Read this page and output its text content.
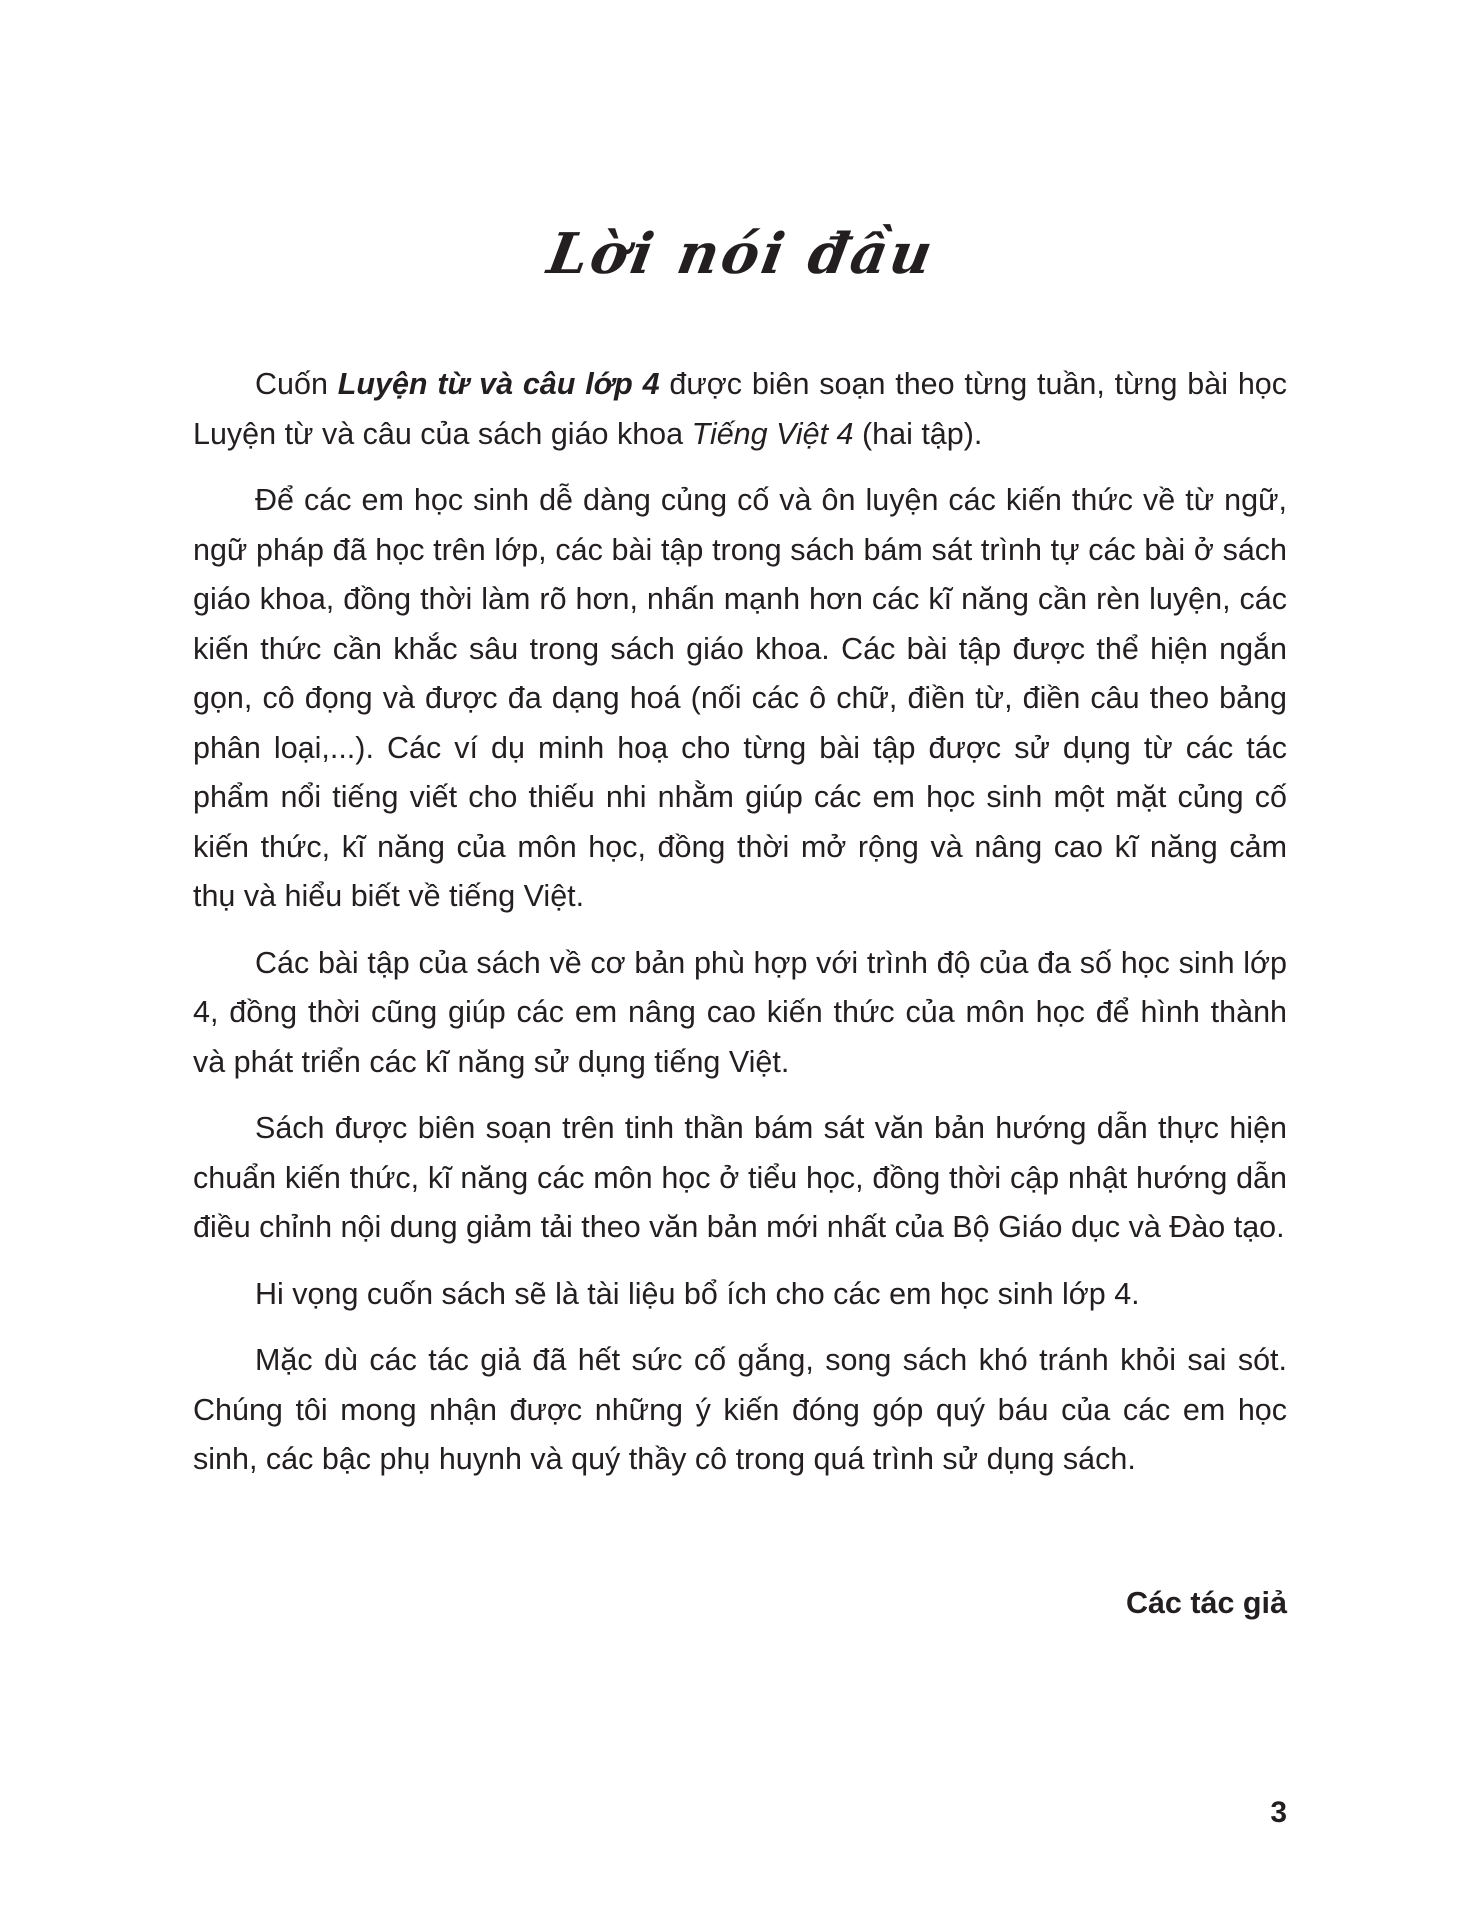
Lời nói đầu

Cuốn Luyện từ và câu lớp 4 được biên soạn theo từng tuần, từng bài học Luyện từ và câu của sách giáo khoa Tiếng Việt 4 (hai tập).

Để các em học sinh dễ dàng củng cố và ôn luyện các kiến thức về từ ngữ, ngữ pháp đã học trên lớp, các bài tập trong sách bám sát trình tự các bài ở sách giáo khoa, đồng thời làm rõ hơn, nhấn mạnh hơn các kĩ năng cần rèn luyện, các kiến thức cần khắc sâu trong sách giáo khoa. Các bài tập được thể hiện ngắn gọn, cô đọng và được đa dạng hoá (nối các ô chữ, điền từ, điền câu theo bảng phân loại,...). Các ví dụ minh hoạ cho từng bài tập được sử dụng từ các tác phẩm nổi tiếng viết cho thiếu nhi nhằm giúp các em học sinh một mặt củng cố kiến thức, kĩ năng của môn học, đồng thời mở rộng và nâng cao kĩ năng cảm thụ và hiểu biết về tiếng Việt.

Các bài tập của sách về cơ bản phù hợp với trình độ của đa số học sinh lớp 4, đồng thời cũng giúp các em nâng cao kiến thức của môn học để hình thành và phát triển các kĩ năng sử dụng tiếng Việt.

Sách được biên soạn trên tinh thần bám sát văn bản hướng dẫn thực hiện chuẩn kiến thức, kĩ năng các môn học ở tiểu học, đồng thời cập nhật hướng dẫn điều chỉnh nội dung giảm tải theo văn bản mới nhất của Bộ Giáo dục và Đào tạo.

Hi vọng cuốn sách sẽ là tài liệu bổ ích cho các em học sinh lớp 4.

Mặc dù các tác giả đã hết sức cố gắng, song sách khó tránh khỏi sai sót. Chúng tôi mong nhận được những ý kiến đóng góp quý báu của các em học sinh, các bậc phụ huynh và quý thầy cô trong quá trình sử dụng sách.

Các tác giả
3
